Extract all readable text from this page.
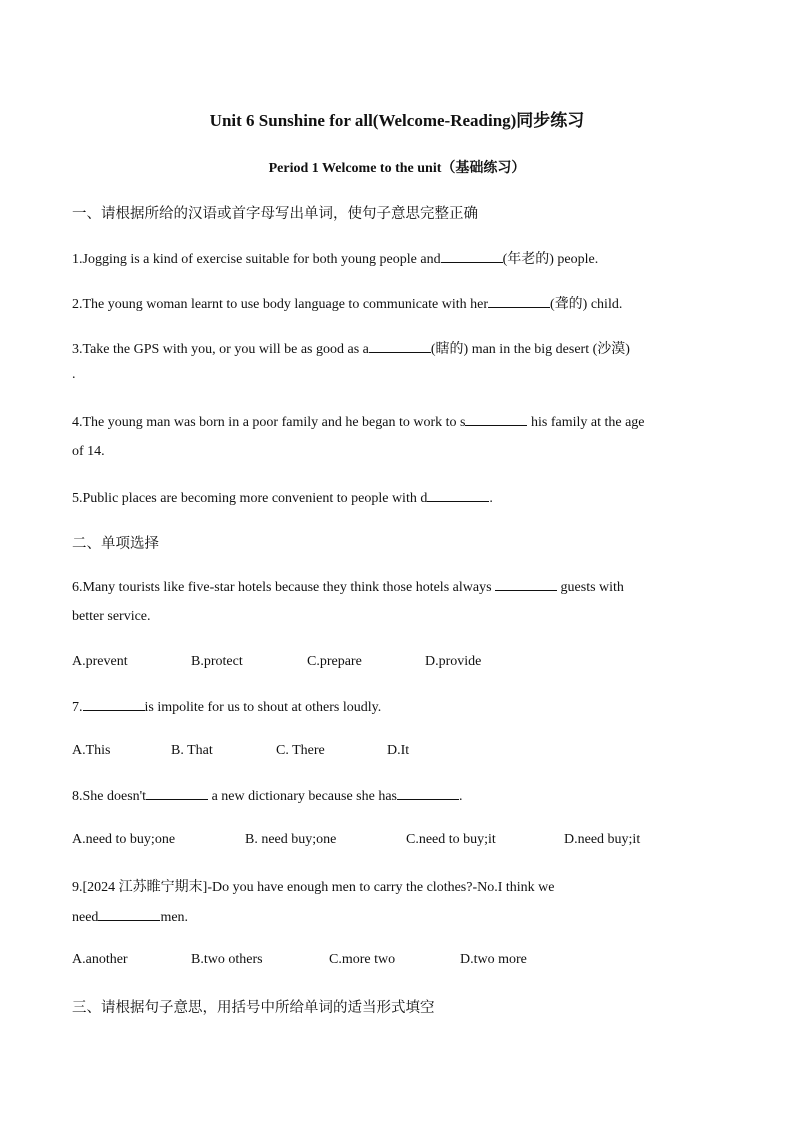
Unit 6 Sunshine for all(Welcome-Reading)同步练习
Period 1 Welcome to the unit（基础练习）
一、请根据所给的汉语或首字母写出单词，使句子意思完整正确
1.Jogging is a kind of exercise suitable for both young people and	(年老的) people.
2.The young woman learnt to use body language to communicate with her	(聋的) child.
3.Take the GPS with you, or you will be as good as a	(瞎的) man in the big desert (沙漠)
.
4.The young man was born in a poor family and he began to work to s	his family at the age
of 14.
5.Public places are becoming more convenient to people with d	.
二、单项选择
6.Many tourists like five-star hotels because they think those hotels always	guests with
better service.
A.prevent	B.protect	C.prepare	D.provide
7.	is impolite for us to shout at others loudly.
A.This	B. That	C. There	D.It
8.She doesn't	a new dictionary because she has	.
A.need to buy;one	B. need buy;one	C.need to buy;it	D.need buy;it
9.[2024 江苏睢宁期末]-Do you have enough men to carry the clothes?-No.I think we
need	men.
A.another	B.two others	C.more two	D.two more
三、请根据句子意思，用括号中所给单词的适当形式填空
